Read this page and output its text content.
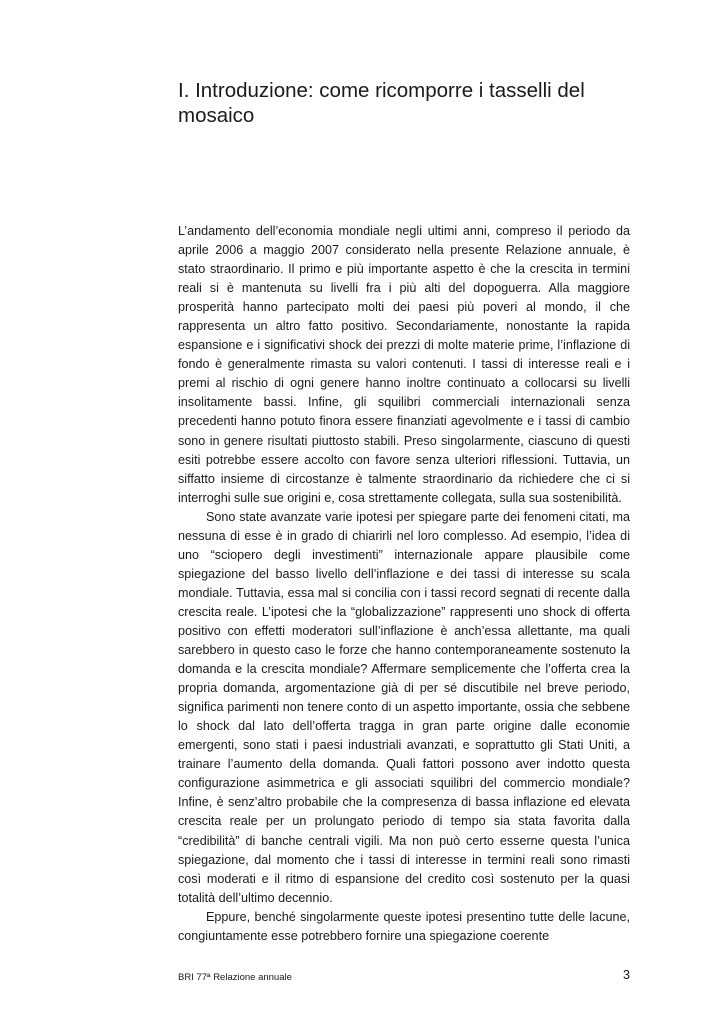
I. Introduzione: come ricomporre i tasselli del mosaico

L’andamento dell’economia mondiale negli ultimi anni, compreso il periodo da aprile 2006 a maggio 2007 considerato nella presente Relazione annuale, è stato straordinario. Il primo e più importante aspetto è che la crescita in termini reali si è mantenuta su livelli fra i più alti del dopoguerra. Alla maggiore prosperità hanno partecipato molti dei paesi più poveri al mondo, il che rappresenta un altro fatto positivo. Secondariamente, nonostante la rapida espansione e i significativi shock dei prezzi di molte materie prime, l’inflazione di fondo è generalmente rimasta su valori contenuti. I tassi di interesse reali e i premi al rischio di ogni genere hanno inoltre continuato a collocarsi su livelli insolitamente bassi. Infine, gli squilibri commerciali internazionali senza precedenti hanno potuto finora essere finanziati agevolmente e i tassi di cambio sono in genere risultati piuttosto stabili. Preso singolarmente, ciascuno di questi esiti potrebbe essere accolto con favore senza ulteriori riflessioni. Tuttavia, un siffatto insieme di circostanze è talmente straordinario da richiedere che ci si interroghi sulle sue origini e, cosa strettamente collegata, sulla sua sostenibilità.

Sono state avanzate varie ipotesi per spiegare parte dei fenomeni citati, ma nessuna di esse è in grado di chiarirli nel loro complesso. Ad esempio, l’idea di uno “sciopero degli investimenti” internazionale appare plausibile come spiegazione del basso livello dell’inflazione e dei tassi di interesse su scala mondiale. Tuttavia, essa mal si concilia con i tassi record segnati di recente dalla crescita reale. L’ipotesi che la “globalizzazione” rappresenti uno shock di offerta positivo con effetti moderatori sull’inflazione è anch’essa allettante, ma quali sarebbero in questo caso le forze che hanno contemporaneamente sostenuto la domanda e la crescita mondiale? Affermare semplicemente che l’offerta crea la propria domanda, argomentazione già di per sé discutibile nel breve periodo, significa parimenti non tenere conto di un aspetto importante, ossia che sebbene lo shock dal lato dell’offerta tragga in gran parte origine dalle economie emergenti, sono stati i paesi industriali avanzati, e soprattutto gli Stati Uniti, a trainare l’aumento della domanda. Quali fattori possono aver indotto questa configurazione asimmetrica e gli associati squilibri del commercio mondiale? Infine, è senz’altro probabile che la compresenza di bassa inflazione ed elevata crescita reale per un prolungato periodo di tempo sia stata favorita dalla “credibilità” di banche centrali vigili. Ma non può certo esserne questa l’unica spiegazione, dal momento che i tassi di interesse in termini reali sono rimasti così moderati e il ritmo di espansione del credito così sostenuto per la quasi totalità dell’ultimo decennio.

Eppure, benché singolarmente queste ipotesi presentino tutte delle lacune, congiuntamente esse potrebbero fornire una spiegazione coerente

BRI 77ª Relazione annuale	3
